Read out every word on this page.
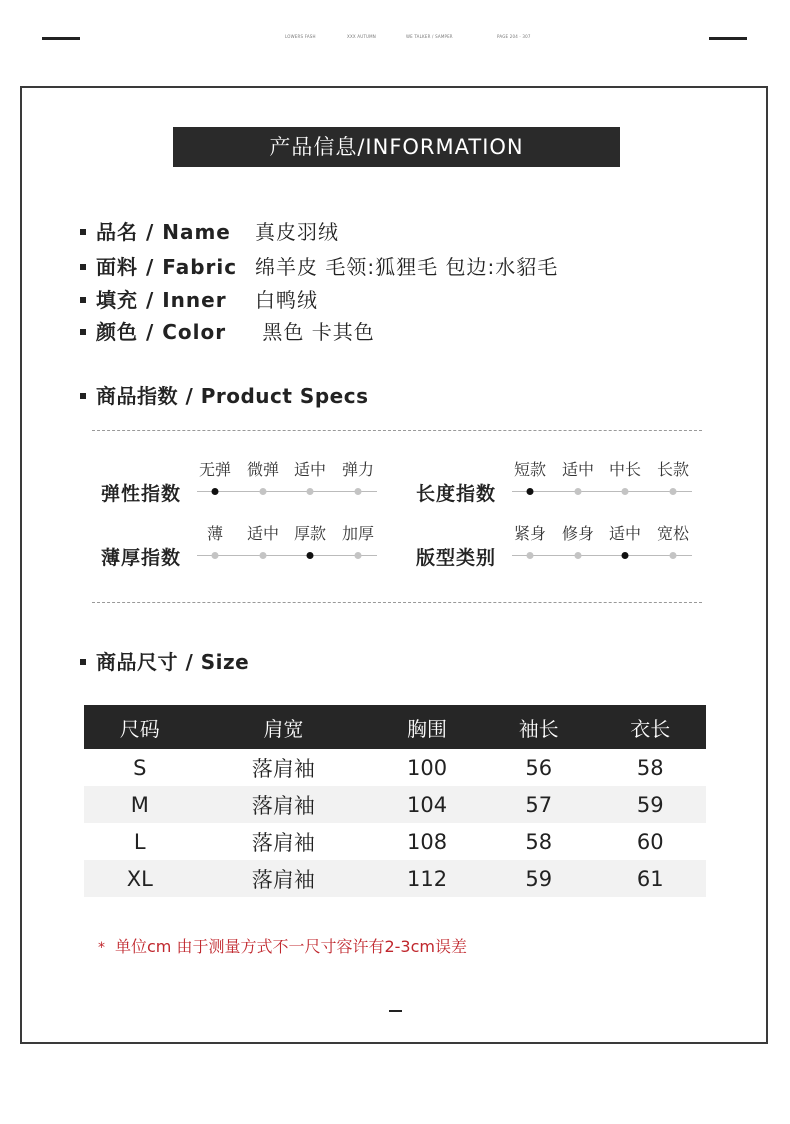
LOWERS FASH	XXX AUTUMN	WE TALKER / SAMPER	PAGE 204 · 307
产品信息/INFORMATION
品名 / Name 真皮羽绒
面料 / Fabric 绵羊皮 毛领:狐狸毛 包边:水貂毛
填充 / Inner 白鸭绒
颜色 / Color 黑色 卡其色
商品指数 / Product Specs
弹性指数
无弹 微弹 适中 弹力
长度指数
短款 适中 中长 长款
薄厚指数
薄 适中 厚款 加厚
版型类别
紧身 修身 适中 宽松
商品尺寸 / Size
尺码	肩宽	胸围	袖长	衣长
S	落肩袖	100	56	58
M	落肩袖	104	57	59
L	落肩袖	108	58	60
XL	落肩袖	112	59	61
* 单位cm 由于测量方式不一尺寸容许有2-3cm误差
